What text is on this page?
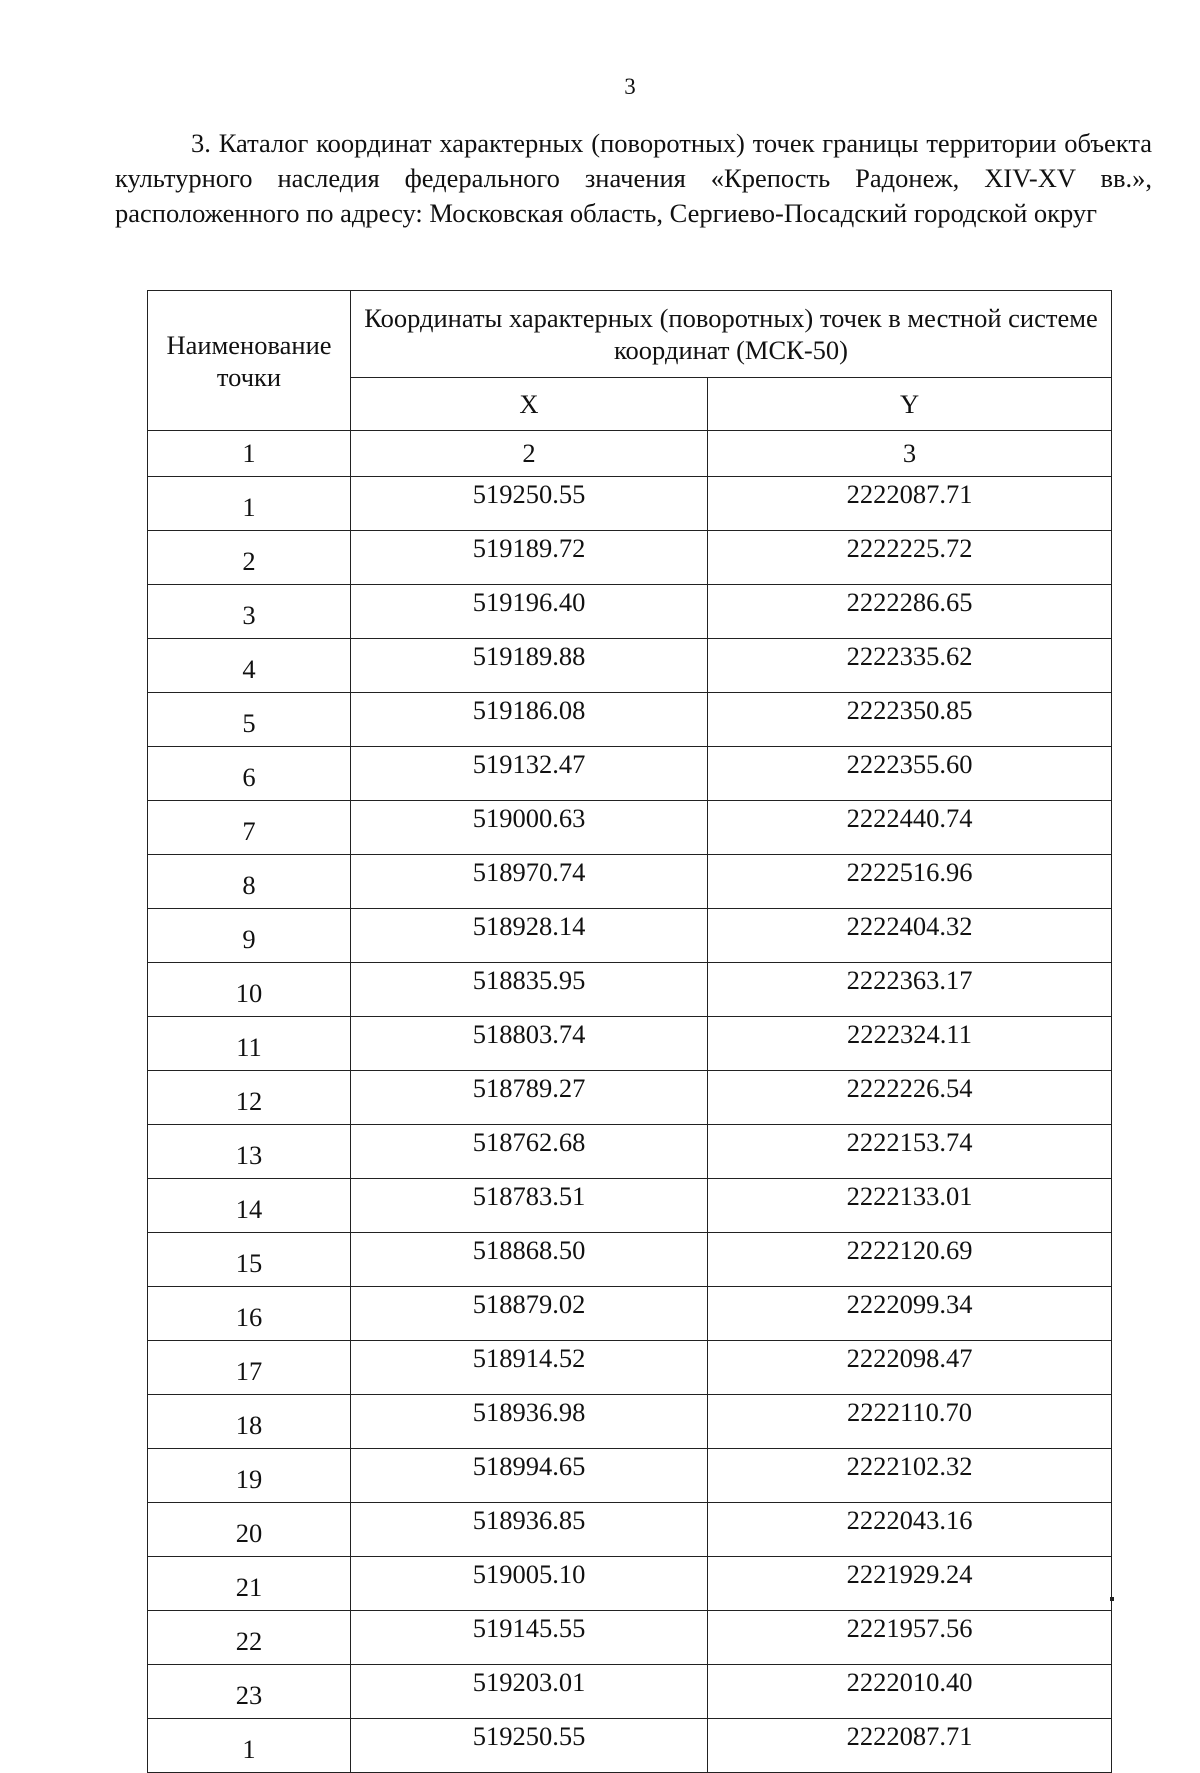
3
3. Каталог координат характерных (поворотных) точек границы территории объекта культурного наследия федерального значения «Крепость Радонеж, XIV-XV вв.», расположенного по адресу: Московская область, Сергиево-Посадский городской округ
Наименование точки	Координаты характерных (поворотных) точек в местной системе координат (МСК-50)	
	X	Y
1	2	3
1	519250.55	2222087.71
2	519189.72	2222225.72
3	519196.40	2222286.65
4	519189.88	2222335.62
5	519186.08	2222350.85
6	519132.47	2222355.60
7	519000.63	2222440.74
8	518970.74	2222516.96
9	518928.14	2222404.32
10	518835.95	2222363.17
11	518803.74	2222324.11
12	518789.27	2222226.54
13	518762.68	2222153.74
14	518783.51	2222133.01
15	518868.50	2222120.69
16	518879.02	2222099.34
17	518914.52	2222098.47
18	518936.98	2222110.70
19	518994.65	2222102.32
20	518936.85	2222043.16
21	519005.10	2221929.24
22	519145.55	2221957.56
23	519203.01	2222010.40
1	519250.55	2222087.71
